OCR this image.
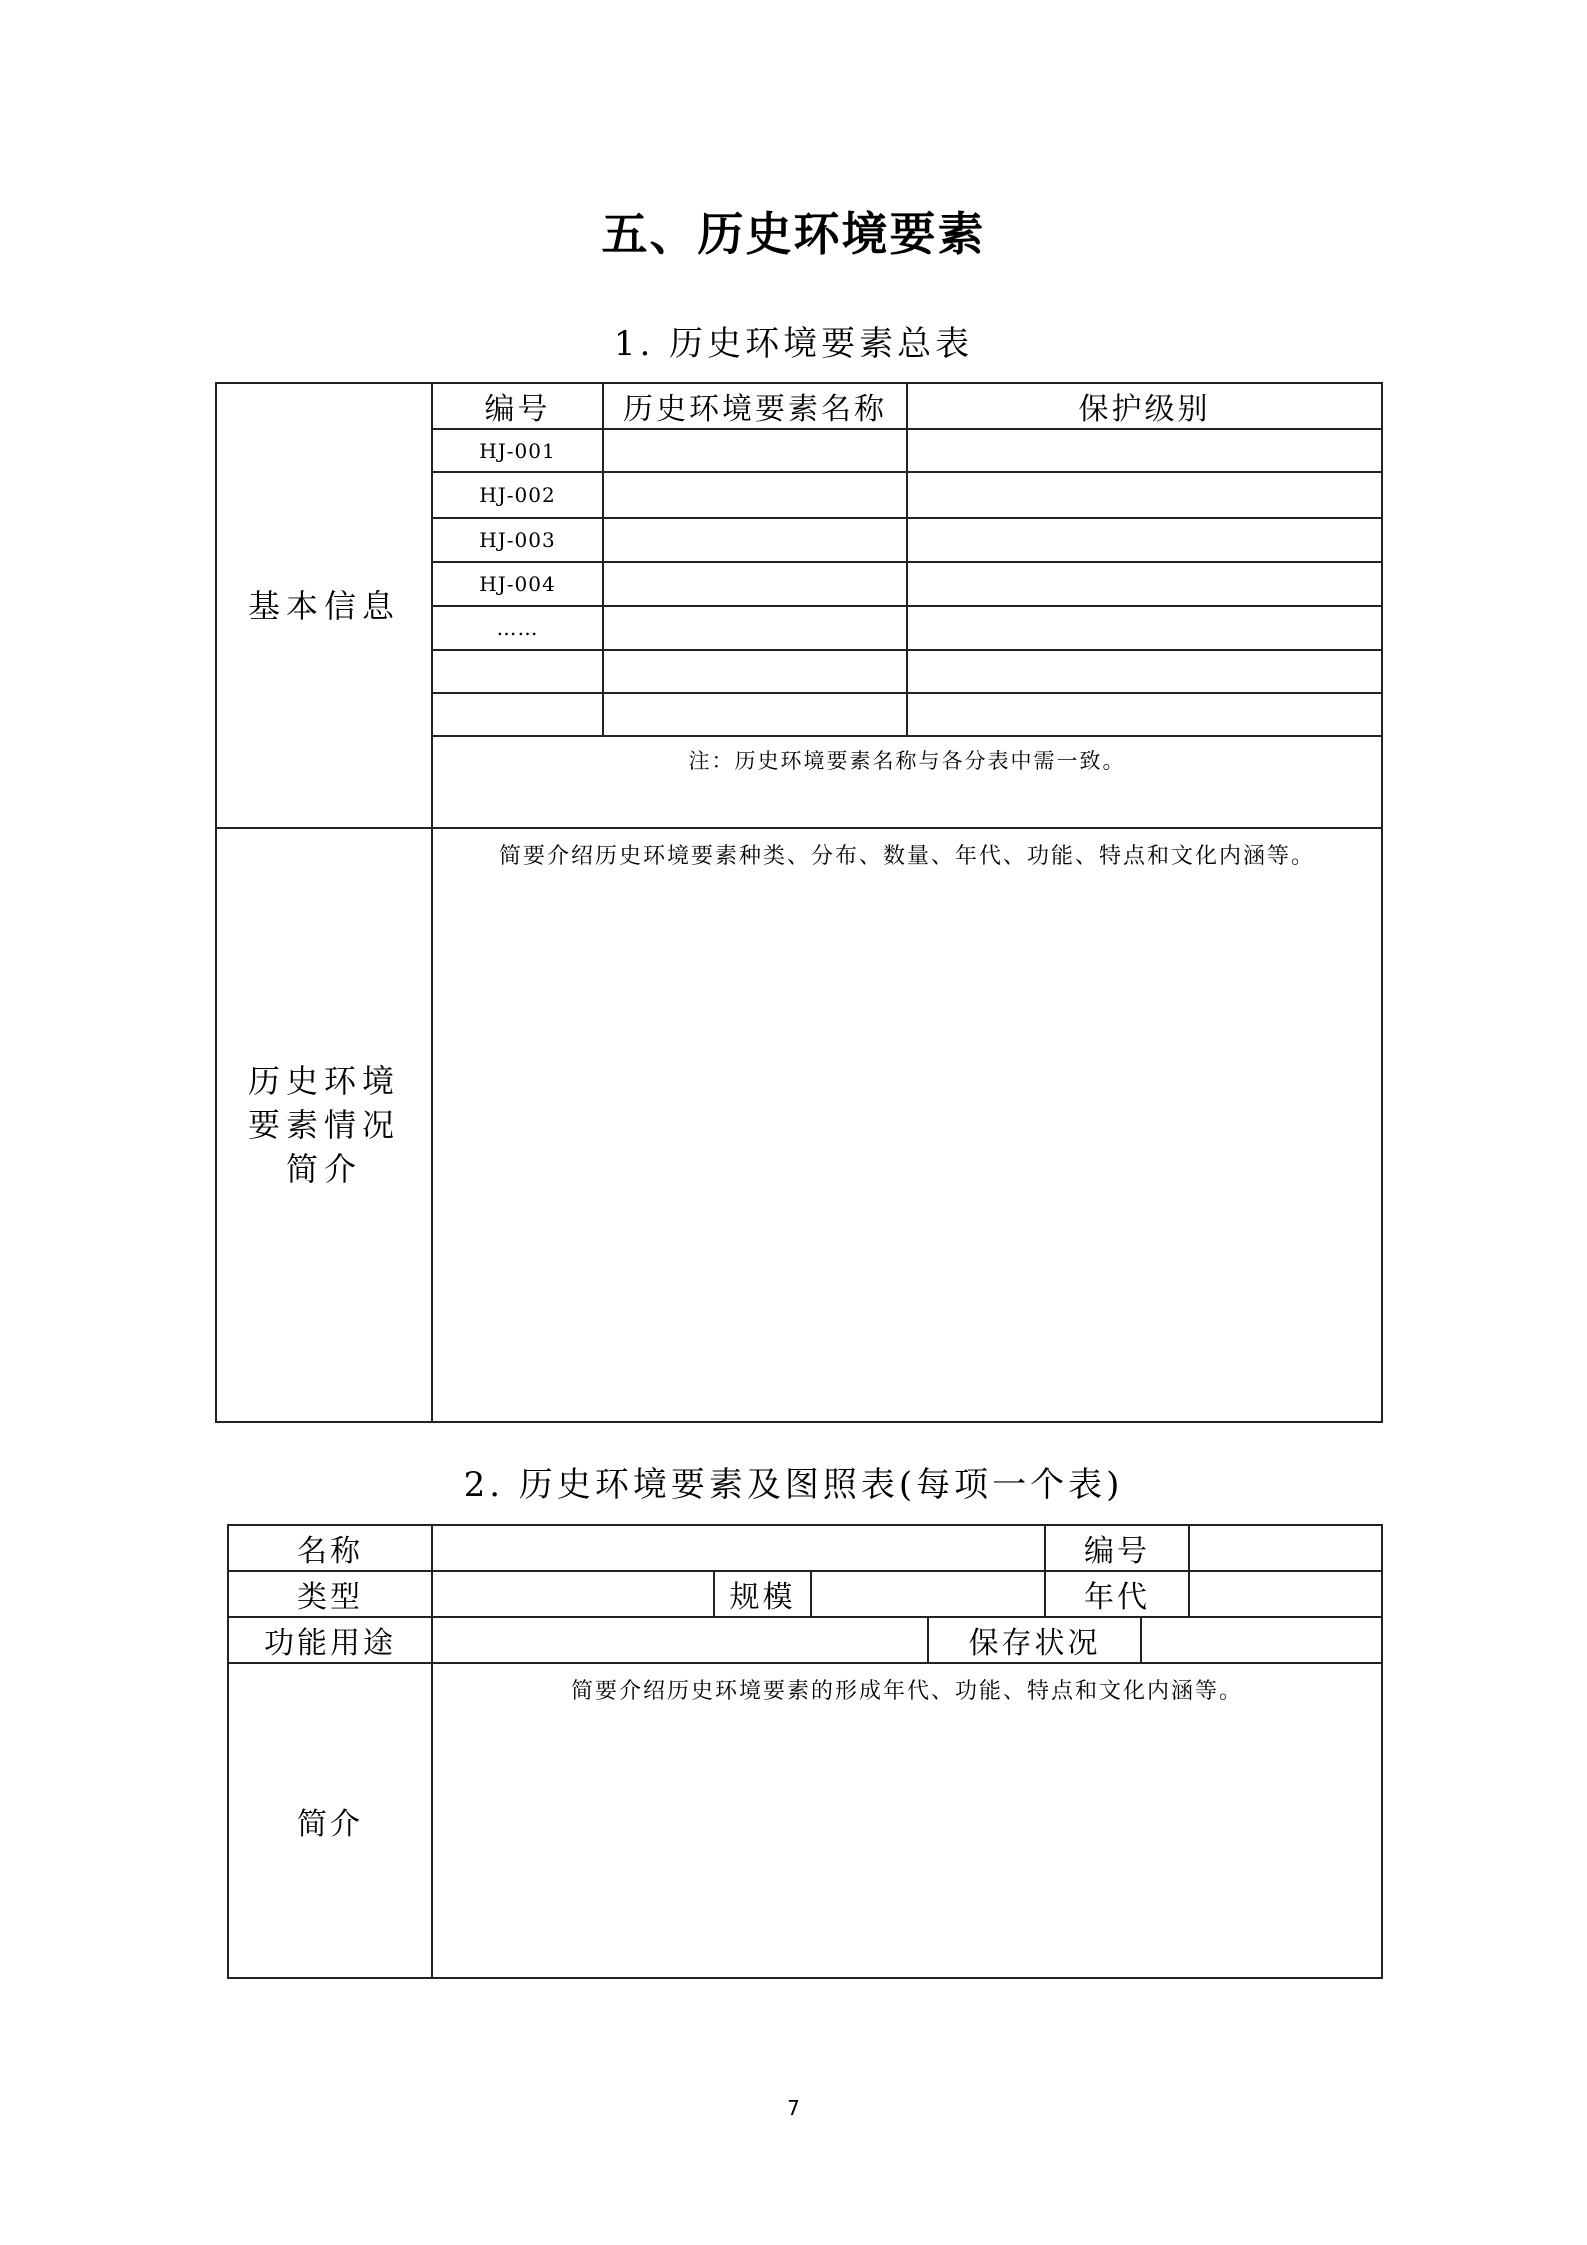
五、历史环境要素
1. 历史环境要素总表
基本信息	编号	历史环境要素名称	保护级别
	HJ-001		
	HJ-002		
	HJ-003		
	HJ-004		
	……		

	注：历史环境要素名称与各分表中需一致。		

历史环境要素情况简介	简要介绍历史环境要素种类、分布、数量、年代、功能、特点和文化内涵等。		
2. 历史环境要素及图照表(每项一个表)
名称					编号		
类型		规模			年代		
功能用途				保存状况			
简介	简要介绍历史环境要素的形成年代、功能、特点和文化内涵等。						
7
